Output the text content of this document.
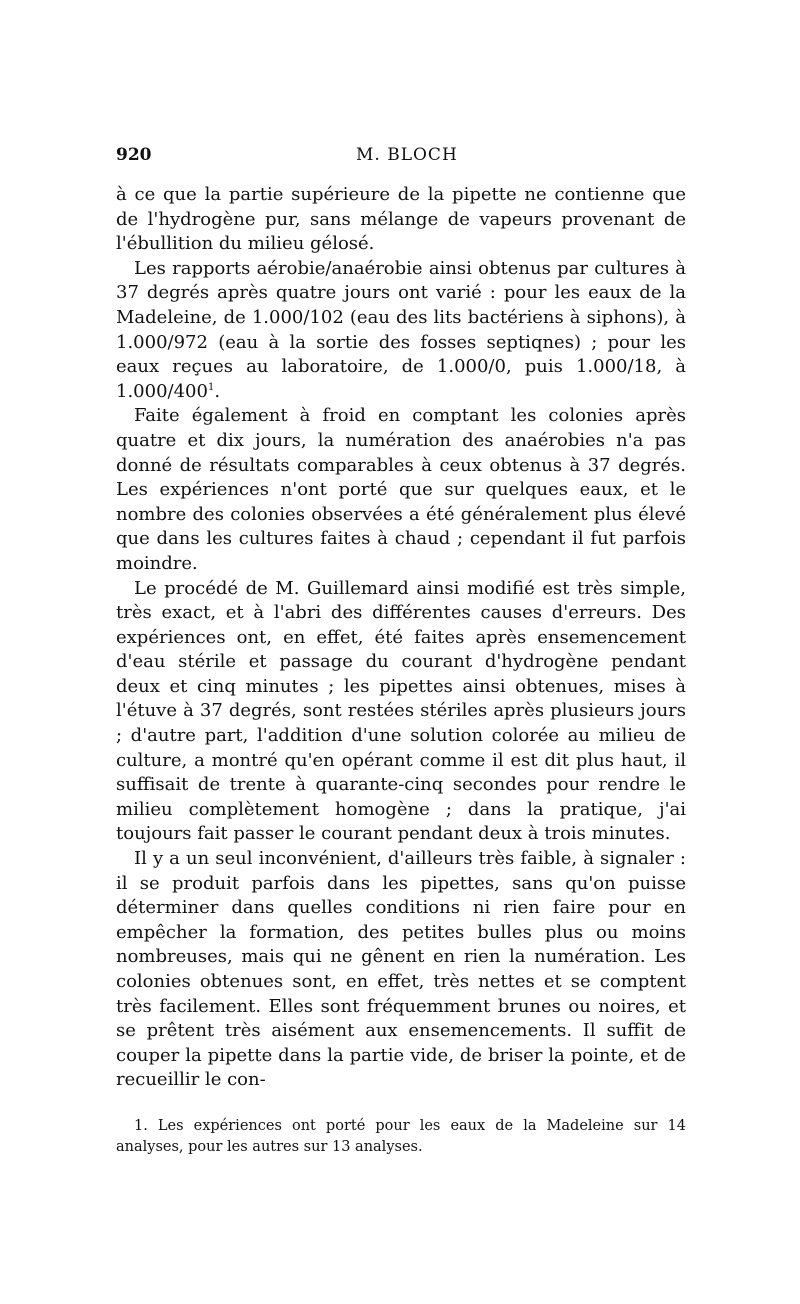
920	M. BLOCH

à ce que la partie supérieure de la pipette ne contienne que de l'hydrogène pur, sans mélange de vapeurs provenant de l'ébullition du milieu gélosé.

Les rapports aérobie/anaérobie ainsi obtenus par cultures à 37 degrés après quatre jours ont varié : pour les eaux de la Madeleine, de 1.000/102 (eau des lits bactériens à siphons), à 1.000/972 (eau à la sortie des fosses septiqnes) ; pour les eaux reçues au laboratoire, de 1.000/0, puis 1.000/18, à $1.000/400^1$.

Faite également à froid en comptant les colonies après quatre et dix jours, la numération des anaérobies n'a pas donné de résultats comparables à ceux obtenus à 37 degrés. Les expériences n'ont porté que sur quelques eaux, et le nombre des colonies observées a été généralement plus élevé que dans les cultures faites à chaud ; cependant il fut parfois moindre.

Le procédé de M. Guillemard ainsi modifié est très simple, très exact, et à l'abri des différentes causes d'erreurs. Des expériences ont, en effet, été faites après ensemencement d'eau stérile et passage du courant d'hydrogène pendant deux et cinq minutes ; les pipettes ainsi obtenues, mises à l'étuve à 37 degrés, sont restées stériles après plusieurs jours ; d'autre part, l'addition d'une solution colorée au milieu de culture, a montré qu'en opérant comme il est dit plus haut, il suffisait de trente à quarante-cinq secondes pour rendre le milieu complètement homogène ; dans la pratique, j'ai toujours fait passer le courant pendant deux à trois minutes.

Il y a un seul inconvénient, d'ailleurs très faible, à signaler : il se produit parfois dans les pipettes, sans qu'on puisse déterminer dans quelles conditions ni rien faire pour en empêcher la formation, des petites bulles plus ou moins nombreuses, mais qui ne gênent en rien la numération. Les colonies obtenues sont, en effet, très nettes et se comptent très facilement. Elles sont fréquemment brunes ou noires, et se prêtent très aisément aux ensemencements. Il suffit de couper la pipette dans la partie vide, de briser la pointe, et de recueillir le con-

1. Les expériences ont porté pour les eaux de la Madeleine sur 14 analyses, pour les autres sur 13 analyses.
